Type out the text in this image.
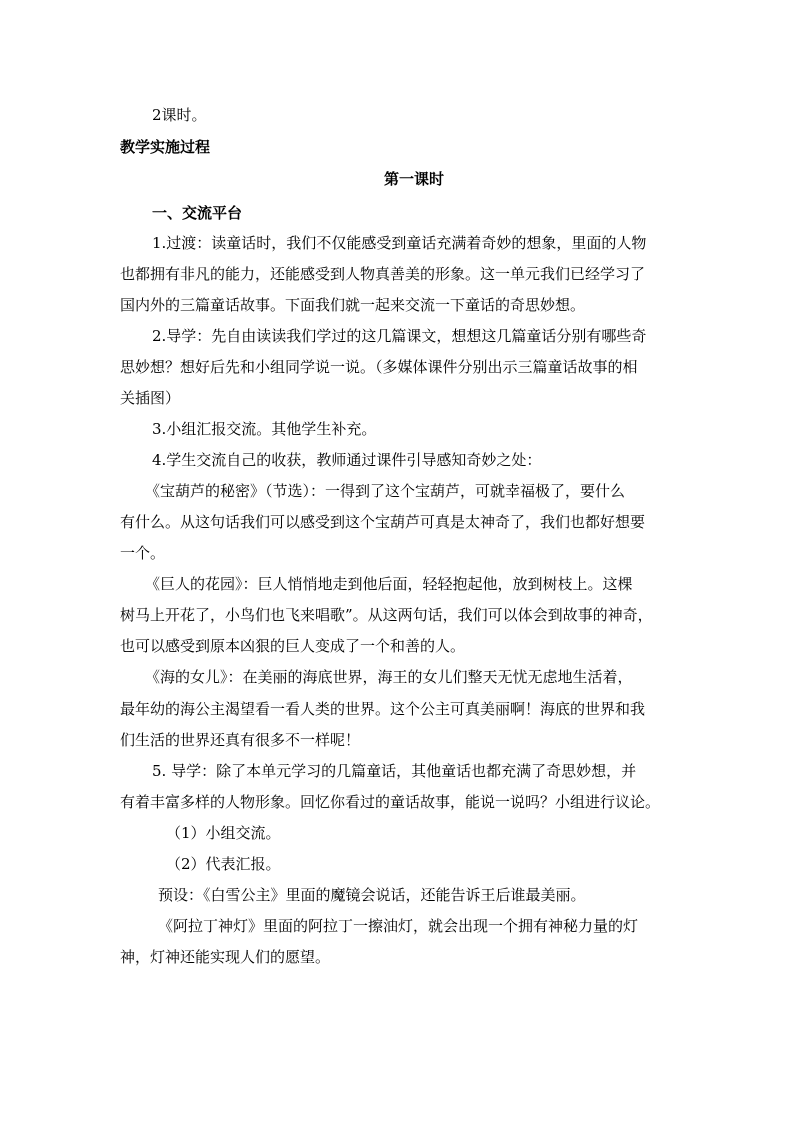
2课时。
教学实施过程
第一课时
一、交流平台
1.过渡：读童话时，我们不仅能感受到童话充满着奇妙的想象，里面的人物
也都拥有非凡的能力，还能感受到人物真善美的形象。这一单元我们已经学习了
国内外的三篇童话故事。下面我们就一起来交流一下童话的奇思妙想。
2.导学：先自由读读我们学过的这几篇课文，想想这几篇童话分别有哪些奇
思妙想？想好后先和小组同学说一说。（多媒体课件分别出示三篇童话故事的相
关插图）
3.小组汇报交流。其他学生补充。
4.学生交流自己的收获，教师通过课件引导感知奇妙之处：
《宝葫芦的秘密》（节选）：一得到了这个宝葫芦，可就幸福极了，要什么
有什么。从这句话我们可以感受到这个宝葫芦可真是太神奇了，我们也都好想要
一个。
《巨人的花园》：巨人悄悄地走到他后面，轻轻抱起他，放到树枝上。这棵
树马上开花了，小鸟们也飞来唱歌”。从这两句话，我们可以体会到故事的神奇，
也可以感受到原本凶狠的巨人变成了一个和善的人。
《海的女儿》：在美丽的海底世界，海王的女儿们整天无忧无虑地生活着，
最年幼的海公主渴望看一看人类的世界。这个公主可真美丽啊！海底的世界和我
们生活的世界还真有很多不一样呢！
5. 导学：除了本单元学习的几篇童话，其他童话也都充满了奇思妙想，并
有着丰富多样的人物形象。回忆你看过的童话故事，能说一说吗？小组进行议论。
（1）小组交流。
（2）代表汇报。
预设：《白雪公主》里面的魔镜会说话，还能告诉王后谁最美丽。
《阿拉丁神灯》里面的阿拉丁一擦油灯，就会出现一个拥有神秘力量的灯
神，灯神还能实现人们的愿望。
